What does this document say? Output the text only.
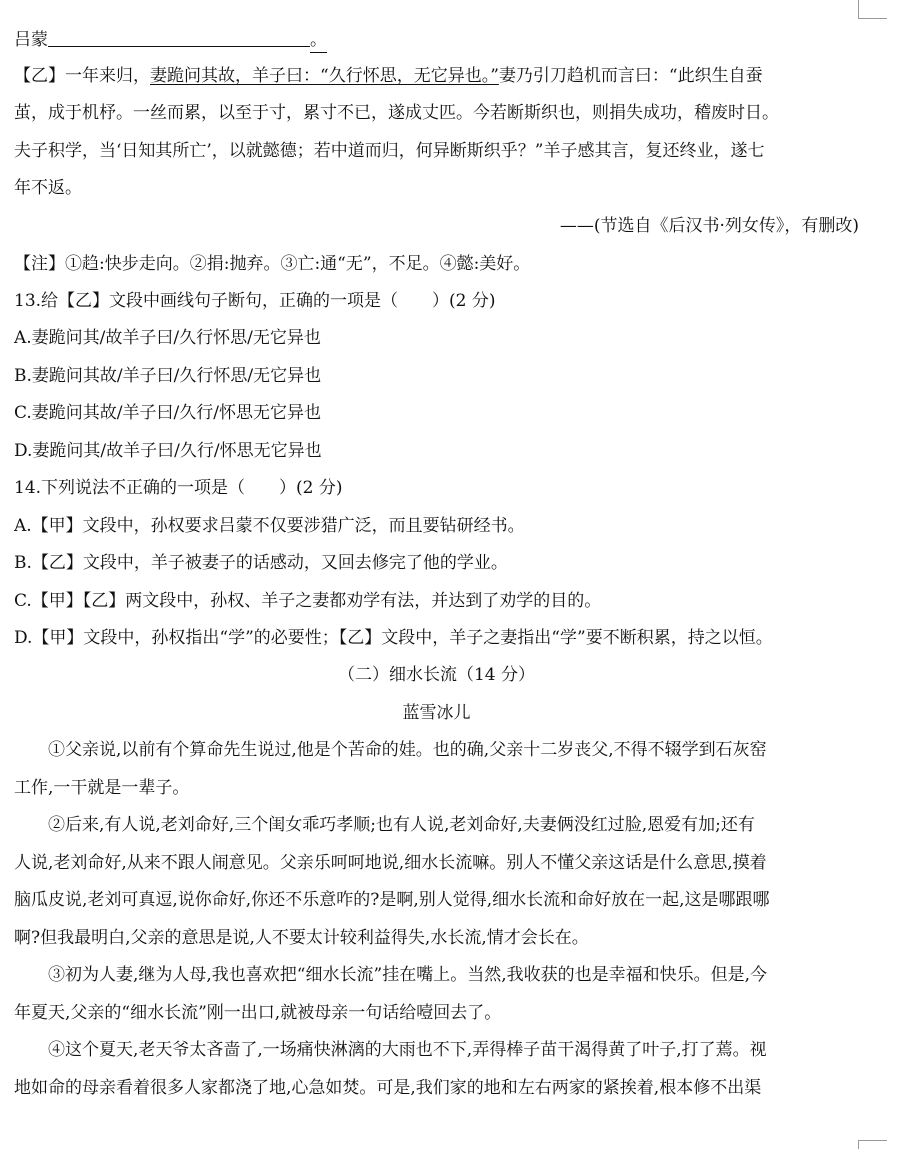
吕蒙	。
【乙】一年来归，妻跪问其故，羊子曰：“久行怀思，无它异也。”妻乃引刀趋机而言曰：“此织生自蚕
茧，成于机杼。一丝而累，以至于寸，累寸不已，遂成丈匹。今若断斯织也，则捐失成功，稽废时日。
夫子积学，当‘日知其所亡’，以就懿德；若中道而归，何异断斯织乎？”羊子感其言，复还终业，遂七
年不返。
——(节选自《后汉书·列女传》，有删改)
【注】①趋:快步走向。②捐:抛弃。③亡:通“无”，不足。④懿:美好。
13.给【乙】文段中画线句子断句，正确的一项是（　　）(2 分)
A.妻跪问其/故羊子曰/久行怀思/无它异也
B.妻跪问其故/羊子曰/久行怀思/无它异也
C.妻跪问其故/羊子曰/久行/怀思无它异也
D.妻跪问其/故羊子曰/久行/怀思无它异也
14.下列说法不正确的一项是（　　）(2 分)
A.【甲】文段中，孙权要求吕蒙不仅要涉猎广泛，而且要钻研经书。
B.【乙】文段中，羊子被妻子的话感动，又回去修完了他的学业。
C.【甲】【乙】两文段中，孙权、羊子之妻都劝学有法，并达到了劝学的目的。
D.【甲】文段中，孙权指出“学”的必要性；【乙】文段中，羊子之妻指出“学”要不断积累，持之以恒。
（二）细水长流（14 分）
蓝雪冰儿
①父亲说,以前有个算命先生说过,他是个苦命的娃。也的确,父亲十二岁丧父,不得不辍学到石灰窑
工作,一干就是一辈子。
②后来,有人说,老刘命好,三个闺女乖巧孝顺;也有人说,老刘命好,夫妻俩没红过脸,恩爱有加;还有
人说,老刘命好,从来不跟人闹意见。父亲乐呵呵地说,细水长流嘛。别人不懂父亲这话是什么意思,摸着
脑瓜皮说,老刘可真逗,说你命好,你还不乐意咋的?是啊,别人觉得,细水长流和命好放在一起,这是哪跟哪
啊?但我最明白,父亲的意思是说,人不要太计较利益得失,水长流,情才会长在。
③初为人妻,继为人母,我也喜欢把“细水长流”挂在嘴上。当然,我收获的也是幸福和快乐。但是,今
年夏天,父亲的“细水长流”刚一出口,就被母亲一句话给噎回去了。
④这个夏天,老天爷太吝啬了,一场痛快淋漓的大雨也不下,弄得棒子苗干渴得黄了叶子,打了蔫。视
地如命的母亲看着很多人家都浇了地,心急如焚。可是,我们家的地和左右两家的紧挨着,根本修不出渠
